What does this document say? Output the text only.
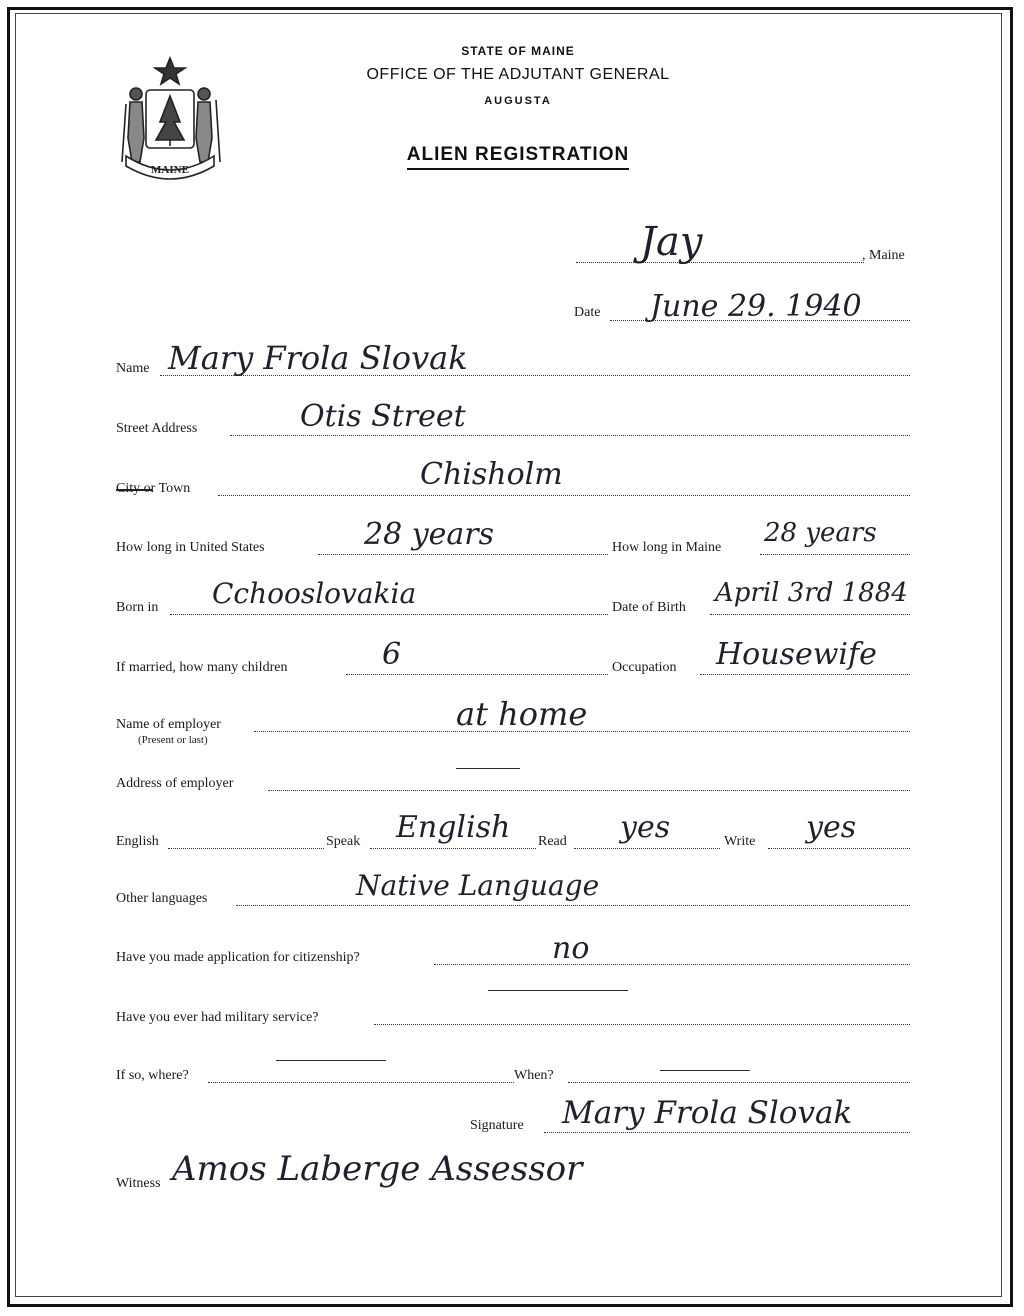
MAINE
STATE OF MAINE
OFFICE OF THE ADJUTANT GENERAL
AUGUSTA
ALIEN REGISTRATION
Jay	, Maine
Date June 29. 1940
Name Mary Frola Slovak
Street Address	Otis Street
City or
Town	Chisholm
How long in United States	28 years	How long in Maine 28 years
Born in Cchooslovakia	Date of Birth April 3rd 1884
If married, how many children	6	Occupation Housewife
Name of employer
(Present or last)
at home
Address of employer
English	Speak English Read yes	Write yes
Other languages	Native Language
Have you made application for citizenship?	no
Have you ever had military service?
If so, where?	When?
Signature Mary Frola Slovak
Witness Amos Laberge Assessor
